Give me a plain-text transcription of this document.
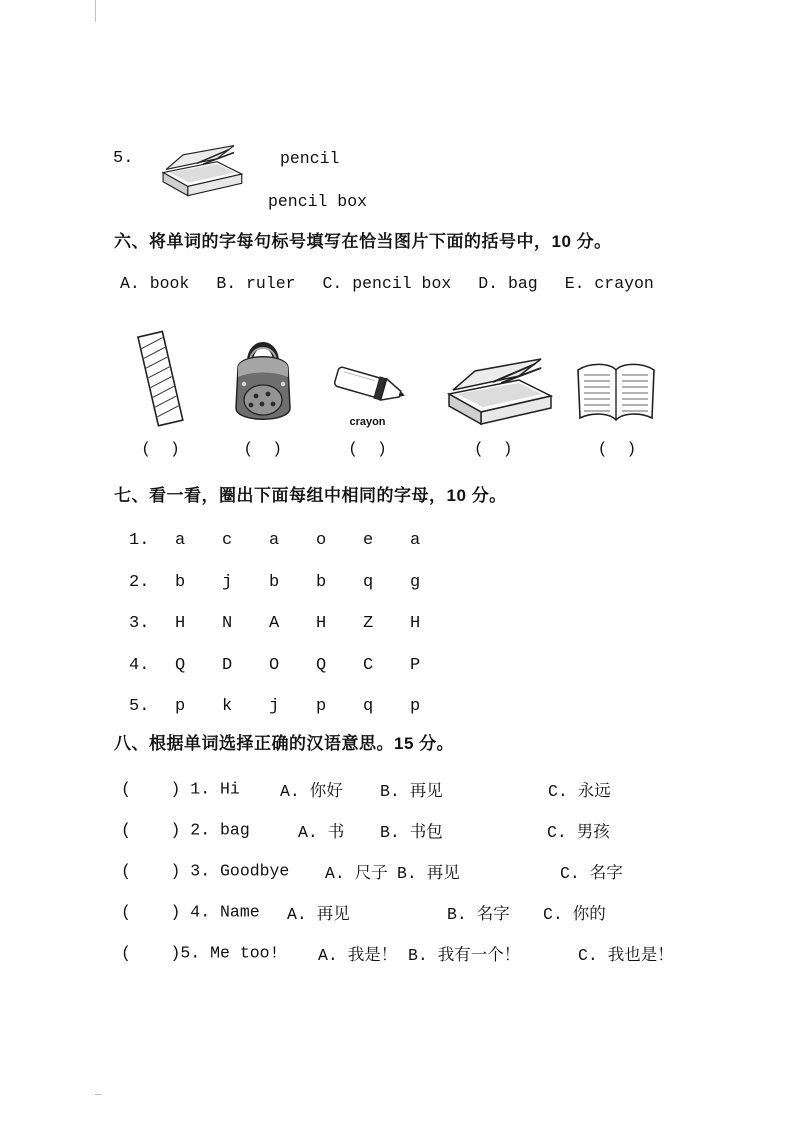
5.	pencil
pencil box
六、将单词的字每句标号填写在恰当图片下面的括号中，10 分。
A. book B. ruler C. pencil box D. bag E. crayon
(  )	(  )
crayon
(  )	(  )	(  )
七、看一看，圈出下面每组中相同的字母，10 分。
1.	a	c	a	o	e	a
2.	b	j	b	b	q	g
3.	H	N	A	H	Z	H
4.	Q	D	O	Q	C	P
5.	p	k	j	p	q	p
八、根据单词选择正确的汉语意思。15 分。
(    ) 1. Hi A. 你好 B. 再见	C. 永远
(    ) 2. bag	A. 书 B. 书包	C. 男孩
(    ) 3. Goodbye A. 尺子 B. 再见	C. 名字
(    ) 4. Name A. 再见	B. 名字 C. 你的
(    )5. Me too! A. 我是！ B. 我有一个！	C. 我也是！
